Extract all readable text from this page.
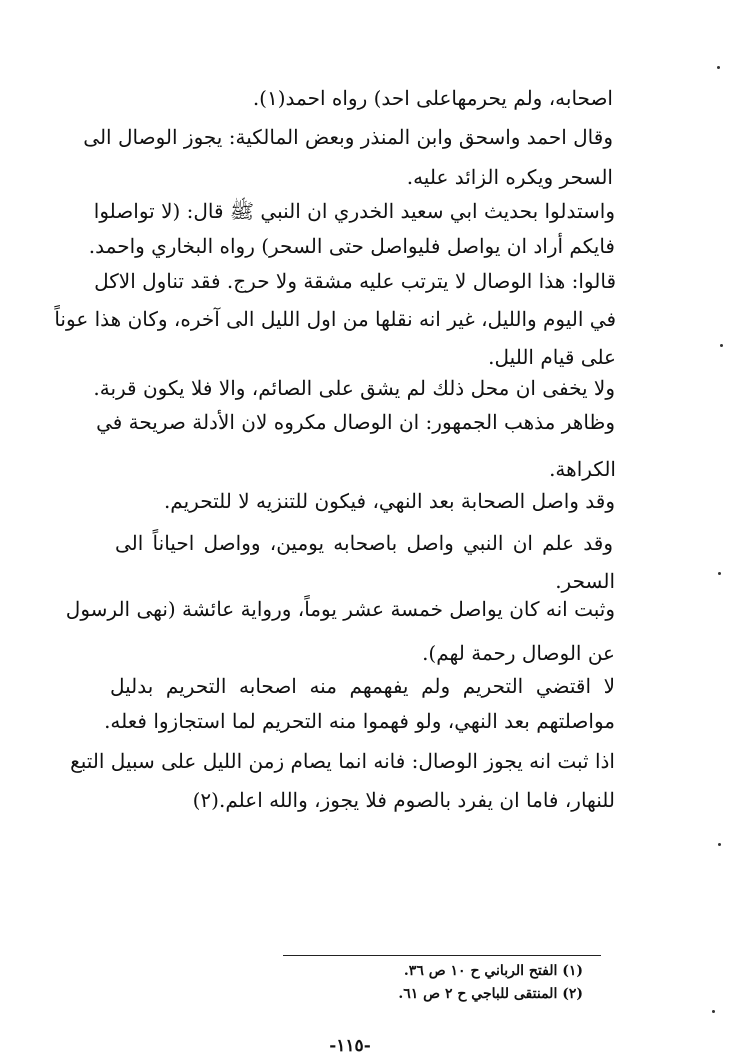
اصحابه، ولم يحرمهاعلى احد) رواه احمد(١).
وقال احمد واسحق وابن المنذر وبعض المالكية: يجوز الوصال الى
السحر ويكره الزائد عليه.
واستدلوا بحديث ابي سعيد الخدري ان النبي ﷺ قال: (لا تواصلوا
فايكم أراد ان يواصل فليواصل حتى السحر) رواه البخاري واحمد.
قالوا: هذا الوصال لا يترتب عليه مشقة ولا حرج. فقد تناول الاكل
في اليوم والليل، غير انه نقلها من اول الليل الى آخره، وكان هذا عوناً
على قيام الليل.
ولا يخفى ان محل ذلك لم يشق على الصائم، والا فلا يكون قربة.
وظاهر مذهب الجمهور: ان الوصال مكروه لان الأدلة صريحة في
الكراهة.
وقد واصل الصحابة بعد النهي، فيكون للتنزيه لا للتحريم.
وقد علم ان النبي واصل باصحابه يومين، وواصل احياناً الى
السحر.
وثبت انه كان يواصل خمسة عشر يوماً، ورواية عائشة (نهى الرسول
عن الوصال رحمة لهم).
لا اقتضي التحريم ولم يفهمهم منه اصحابه التحريم بدليل
مواصلتهم بعد النهي، ولو فهموا منه التحريم لما استجازوا فعله.
اذا ثبت انه يجوز الوصال: فانه انما يصام زمن الليل على سبيل التبع
للنهار، فاما ان يفرد بالصوم فلا يجوز، والله اعلم.(٢)
(١) الفتح الرباني ح ١٠ ص ٣٦.
(٢) المنتقى للباجي ح ٢ ص ٦١.
-١١٥-
